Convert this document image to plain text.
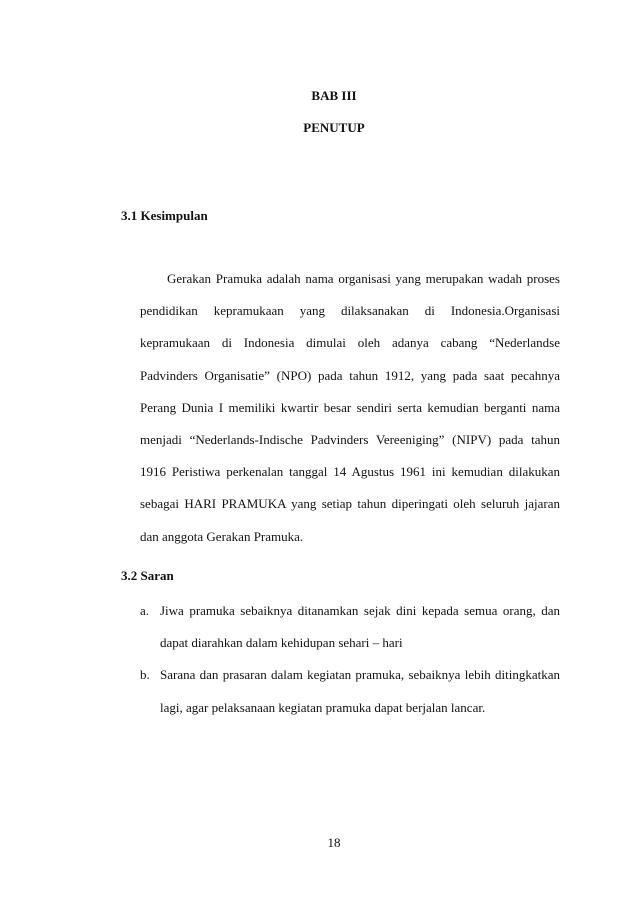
BAB III
PENUTUP
3.1 Kesimpulan

Gerakan Pramuka adalah nama organisasi yang merupakan wadah proses pendidikan kepramukaan yang dilaksanakan di Indonesia.Organisasi kepramukaan di Indonesia dimulai oleh adanya cabang “Nederlandse Padvinders Organisatie” (NPO) pada tahun 1912, yang pada saat pecahnya Perang Dunia I memiliki kwartir besar sendiri serta kemudian berganti nama menjadi “Nederlands-Indische Padvinders Vereeniging” (NIPV) pada tahun 1916 Peristiwa perkenalan tanggal 14 Agustus 1961 ini kemudian dilakukan sebagai HARI PRAMUKA yang setiap tahun diperingati oleh seluruh jajaran dan anggota Gerakan Pramuka.

3.2 Saran
a. Jiwa pramuka sebaiknya ditanamkan sejak dini kepada semua orang, dan dapat diarahkan dalam kehidupan sehari – hari
b. Sarana dan prasaran dalam kegiatan pramuka, sebaiknya lebih ditingkatkan lagi, agar pelaksanaan kegiatan pramuka dapat berjalan lancar.
18
